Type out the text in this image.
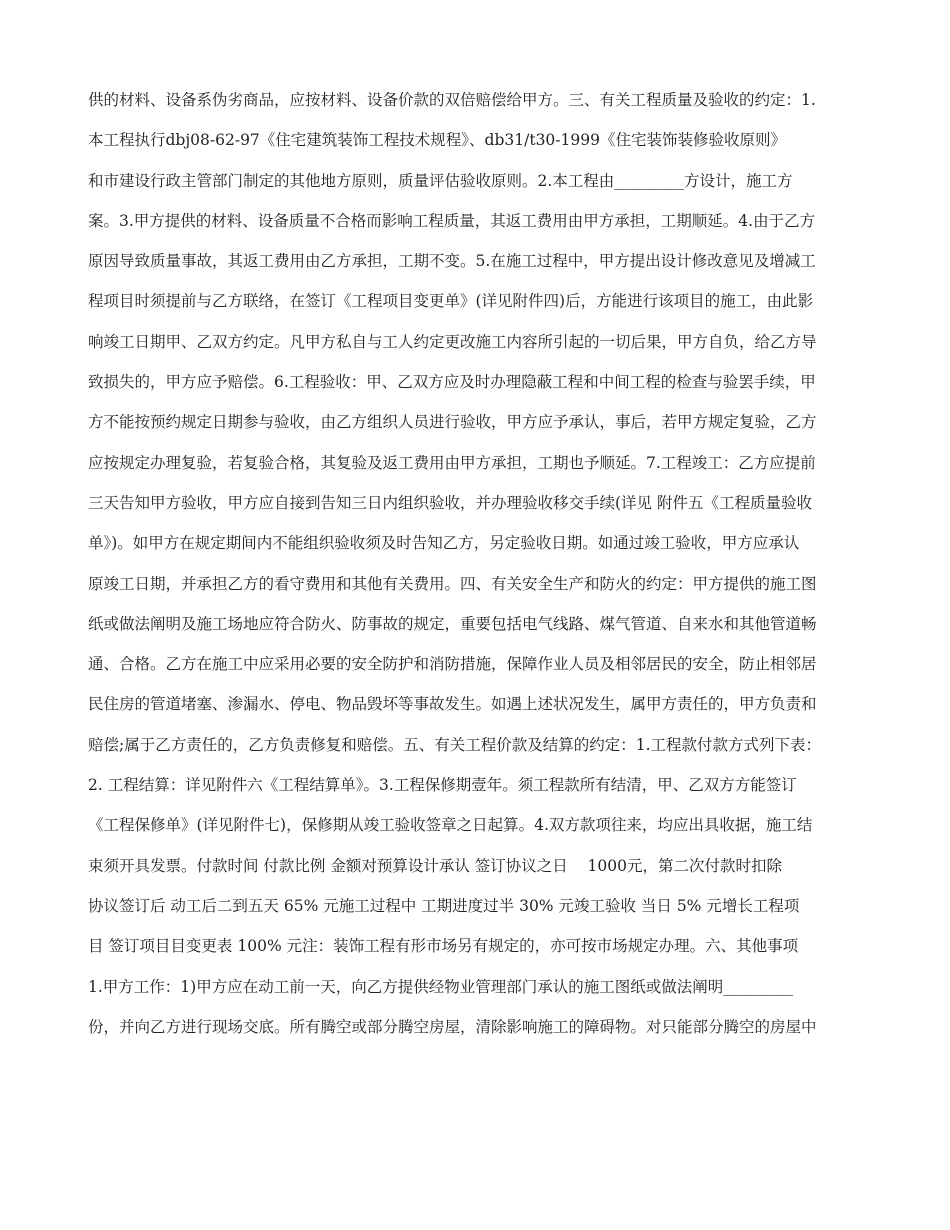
供的材料、设备系伪劣商品，应按材料、设备价款的双倍赔偿给甲方。三、有关工程质量及验收的约定：1.
本工程执行dbj08-62-97《住宅建筑装饰工程技术规程》、db31/t30-1999《住宅装饰装修验收原则》
和市建设行政主管部门制定的其他地方原则，质量评估验收原则。2.本工程由_________方设计，施工方
案。3.甲方提供的材料、设备质量不合格而影响工程质量，其返工费用由甲方承担，工期顺延。4.由于乙方
原因导致质量事故，其返工费用由乙方承担，工期不变。5.在施工过程中，甲方提出设计修改意见及增减工
程项目时须提前与乙方联络，在签订《工程项目变更单》(详见附件四)后，方能进行该项目的施工，由此影
响竣工日期甲、乙双方约定。凡甲方私自与工人约定更改施工内容所引起的一切后果，甲方自负，给乙方导
致损失的，甲方应予赔偿。6.工程验收：甲、乙双方应及时办理隐蔽工程和中间工程的检查与验罢手续，甲
方不能按预约规定日期参与验收，由乙方组织人员进行验收，甲方应予承认，事后，若甲方规定复验，乙方
应按规定办理复验，若复验合格，其复验及返工费用由甲方承担，工期也予顺延。7.工程竣工：乙方应提前
三天告知甲方验收，甲方应自接到告知三日内组织验收，并办理验收移交手续(详见 附件五《工程质量验收
单》)。如甲方在规定期间内不能组织验收须及时告知乙方，另定验收日期。如通过竣工验收，甲方应承认
原竣工日期，并承担乙方的看守费用和其他有关费用。四、有关安全生产和防火的约定：甲方提供的施工图
纸或做法阐明及施工场地应符合防火、防事故的规定，重要包括电气线路、煤气管道、自来水和其他管道畅
通、合格。乙方在施工中应采用必要的安全防护和消防措施，保障作业人员及相邻居民的安全，防止相邻居
民住房的管道堵塞、渗漏水、停电、物品毁坏等事故发生。如遇上述状况发生，属甲方责任的，甲方负责和
赔偿;属于乙方责任的，乙方负责修复和赔偿。五、有关工程价款及结算的约定：1.工程款付款方式列下表：
2. 工程结算：详见附件六《工程结算单》。3.工程保修期壹年。须工程款所有结清，甲、乙双方方能签订
《工程保修单》(详见附件七)，保修期从竣工验收签章之日起算。4.双方款项往来，均应出具收据，施工结
束须开具发票。付款时间 付款比例 金额对预算设计承认 签订协议之日    1000元，第二次付款时扣除
协议签订后 动工后二到五天 65% 元施工过程中 工期进度过半 30% 元竣工验收 当日 5% 元增长工程项
目 签订项目目变更表 100% 元注：装饰工程有形市场另有规定的，亦可按市场规定办理。六、其他事项
1.甲方工作：1)甲方应在动工前一天，向乙方提供经物业管理部门承认的施工图纸或做法阐明_________
份，并向乙方进行现场交底。所有腾空或部分腾空房屋，清除影响施工的障碍物。对只能部分腾空的房屋中
